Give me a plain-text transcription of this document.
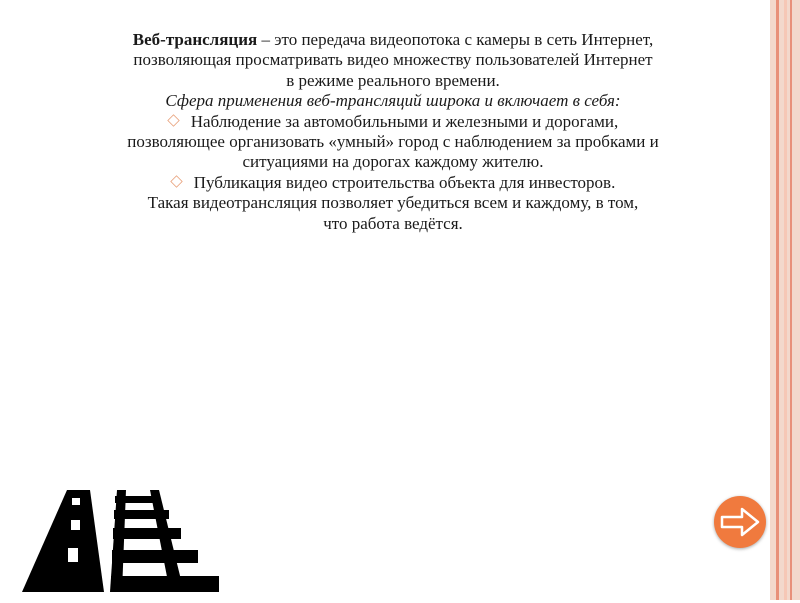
Веб-трансляция – это передача видеопотока с камеры в сеть Интернет,

позволяющая просматривать видео множеству пользователей Интернет

в режиме реального времени.

Сфера применения веб-трансляций широка и включает в себя:

Наблюдение за автомобильными и железными и дорогами,

позволяющее организовать «умный» город с наблюдением за пробками и

ситуациями на дорогах каждому жителю.

Публикация видео строительства объекта для инвесторов.

Такая видеотрансляция позволяет убедиться всем и каждому, в том,

что работа ведётся.
